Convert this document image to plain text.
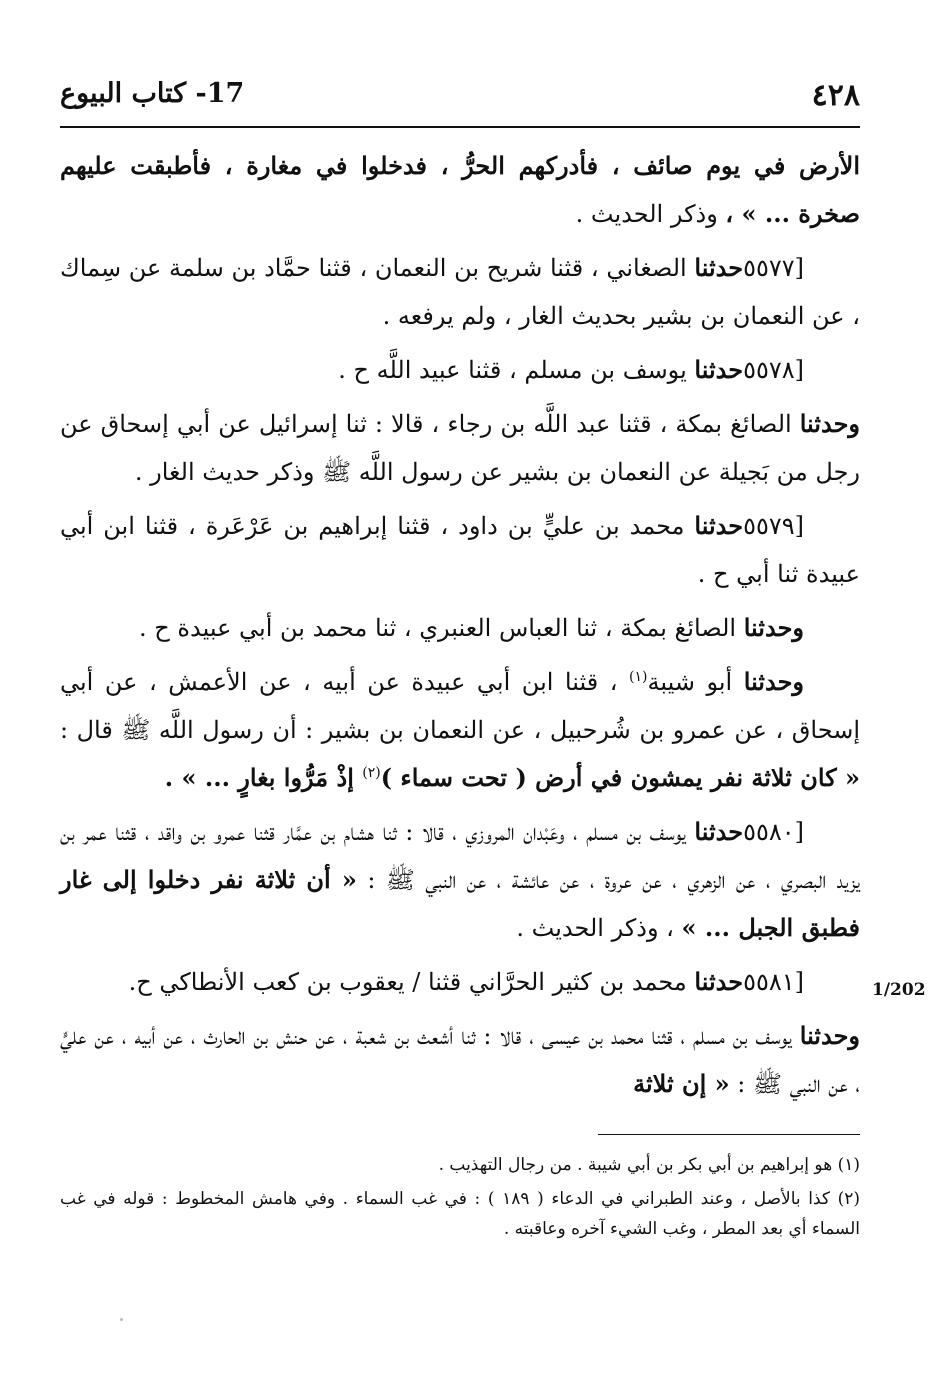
٤٢٨
17- كتاب البيوع

الأرض في يوم صائف ، فأدركهم الحرُّ ، فدخلوا في مغارة ، فأطبقت عليهم صخرة ... » ، وذكر الحديث .

[٥٥٧٧حدثنا الصغاني ، قثنا شريح بن النعمان ، قثنا حمَّاد بن سلمة عن سِماك ، عن النعمان بن بشير بحديث الغار ، ولم يرفعه .

[٥٥٧٨حدثنا يوسف بن مسلم ، قثنا عبيد اللَّه ح .

وحدثنا الصائغ بمكة ، قثنا عبد اللَّه بن رجاء ، قالا : ثنا إسرائيل عن أبي إسحاق عن رجل من بَجيلة عن النعمان بن بشير عن رسول اللَّه ﷺ وذكر حديث الغار .

[٥٥٧٩حدثنا محمد بن عليٍّ بن داود ، قثنا إبراهيم بن عَرْعَرة ، قثنا ابن أبي عبيدة ثنا أبي ح .

وحدثنا الصائغ بمكة ، ثنا العباس العنبري ، ثنا محمد بن أبي عبيدة ح .

وحدثنا أبو شيبة$^{(١)}$ ، قثنا ابن أبي عبيدة عن أبيه ، عن الأعمش ، عن أبي إسحاق ، عن عمرو بن شُرحبيل ، عن النعمان بن بشير : أن رسول اللَّه ﷺ قال : « كان ثلاثة نفر يمشون في أرض ( تحت سماء )$^{(٢)}$ إذْ مَرُّوا بغارٍ ... » .

[٥٥٨٠حدثنا يوسف بن مسلم ، وعَبْدان المروزي ، قالا : ثنا هشام بن عمَّار قثنا عمرو بن واقد ، قثنا عمر بن يزيد البصري ، عن الزهري ، عن عروة ، عن عائشة ، عن النبي ﷺ : « أن ثلاثة نفر دخلوا إلى غار فطبق الجبل ... » ، وذكر الحديث .

[٥٥٨١حدثنا محمد بن كثير الحرَّاني قثنا / يعقوب بن كعب الأنطاكي ح.

وحدثنا يوسف بن مسلم ، قثنا محمد بن عيسى ، قالا : ثنا أشعث بن شعبة ، عن حنش بن الحارث ، عن أبيه ، عن عليٍّ ، عن النبي ﷺ : « إن ثلاثة

1/202
(١) هو إبراهيم بن أبي بكر بن أبي شيبة . من رجال التهذيب .
(٢) كذا بالأصل ، وعند الطبراني في الدعاء ( ١٨٩ ) : في غب السماء . وفي هامش المخطوط : قوله في غب السماء أي بعد المطر ، وغب الشيء آخره وعاقبته .
